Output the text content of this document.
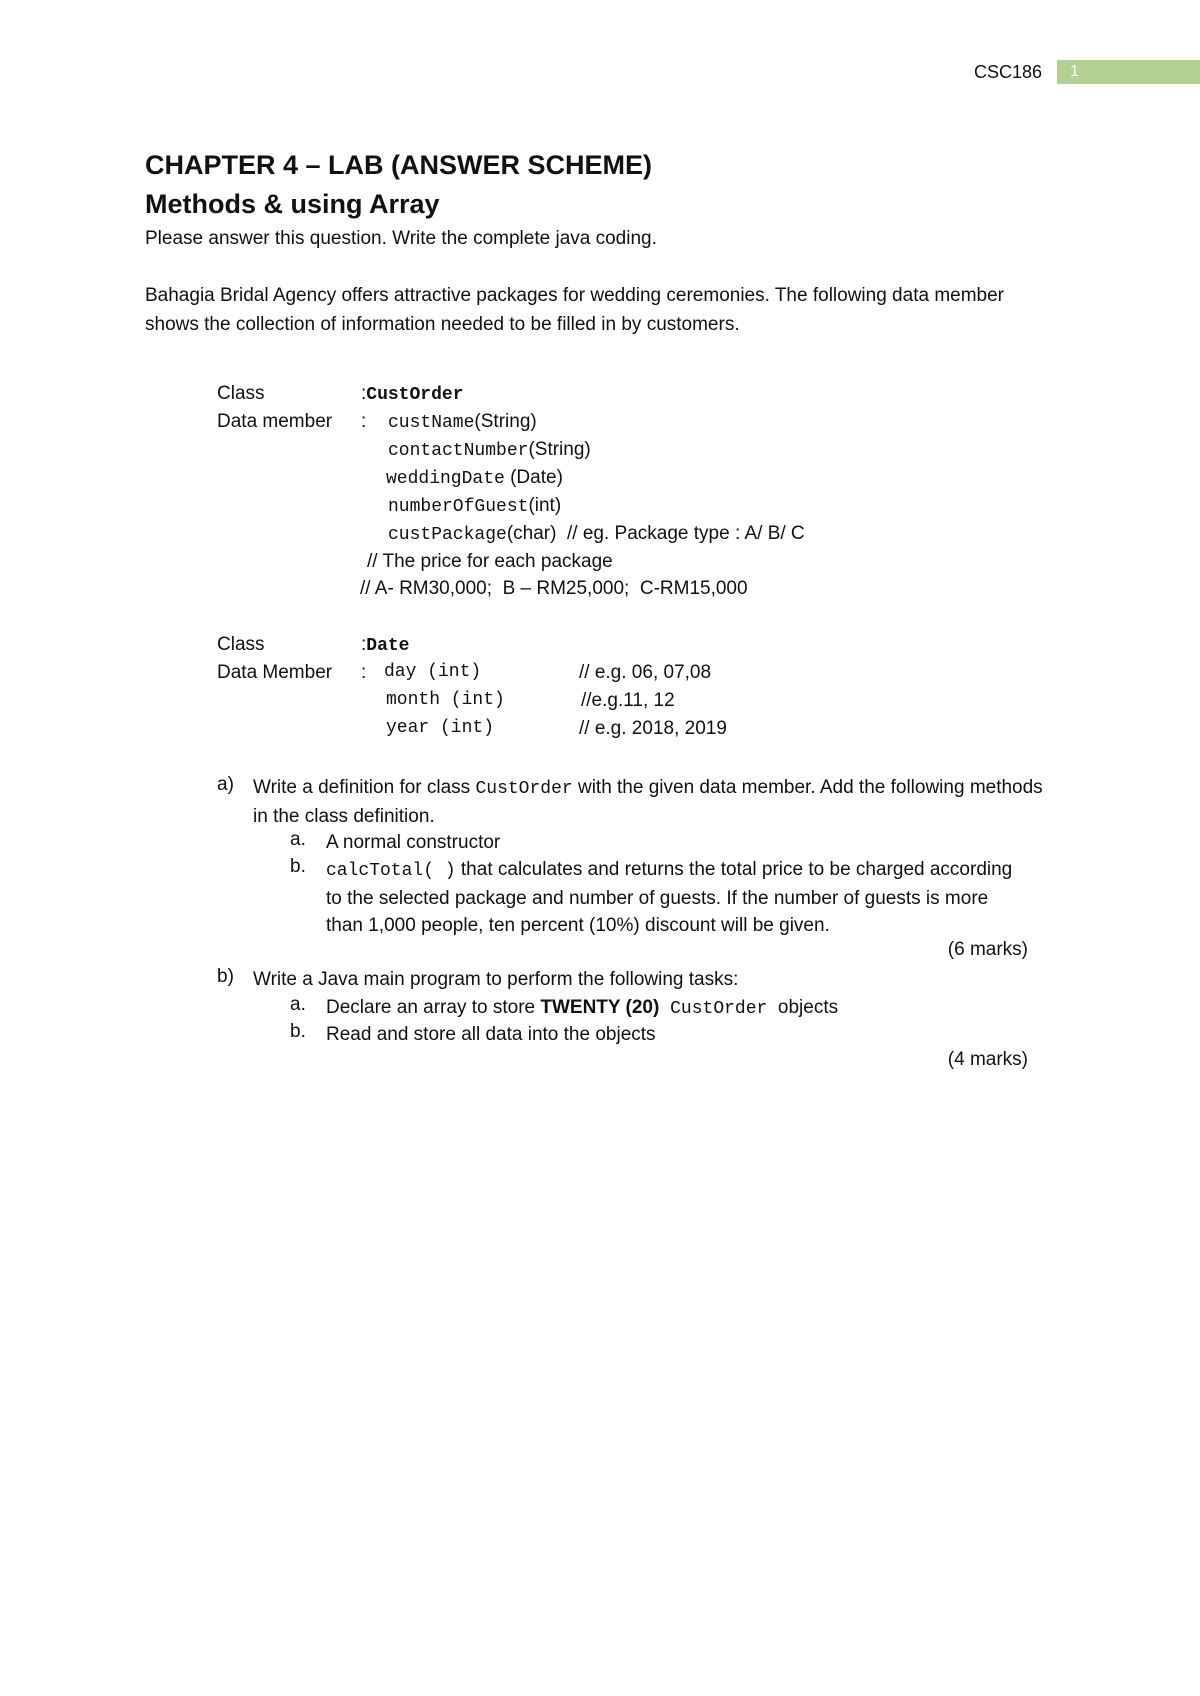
CSC186 1
CHAPTER 4 – LAB (ANSWER SCHEME)
Methods & using Array
Please answer this question. Write the complete java coding.
Bahagia Bridal Agency offers attractive packages for wedding ceremonies. The following data member shows the collection of information needed to be filled in by customers.
Class	:CustOrder
Data member : custName(String)
contactNumber(String)
weddingDate (Date)
numberOfGuest(int)
custPackage(char) // eg. Package type : A/ B/ C
// The price for each package
// A- RM30,000;  B – RM25,000;  C-RM15,000
Class	:Date
Data Member : day (int)	// e.g. 06, 07,08
month (int)	//e.g.11, 12
year (int)	// e.g. 2018, 2019
a) Write a definition for class CustOrder with the given data member. Add the following methods in the class definition.
a. A normal constructor
b. calcTotal( ) that calculates and returns the total price to be charged according to the selected package and number of guests. If the number of guests is more than 1,000 people, ten percent (10%) discount will be given.
(6 marks)
b) Write a Java main program to perform the following tasks:
a. Declare an array to store TWENTY (20) CustOrder  objects
b. Read and store all data into the objects
(4 marks)
